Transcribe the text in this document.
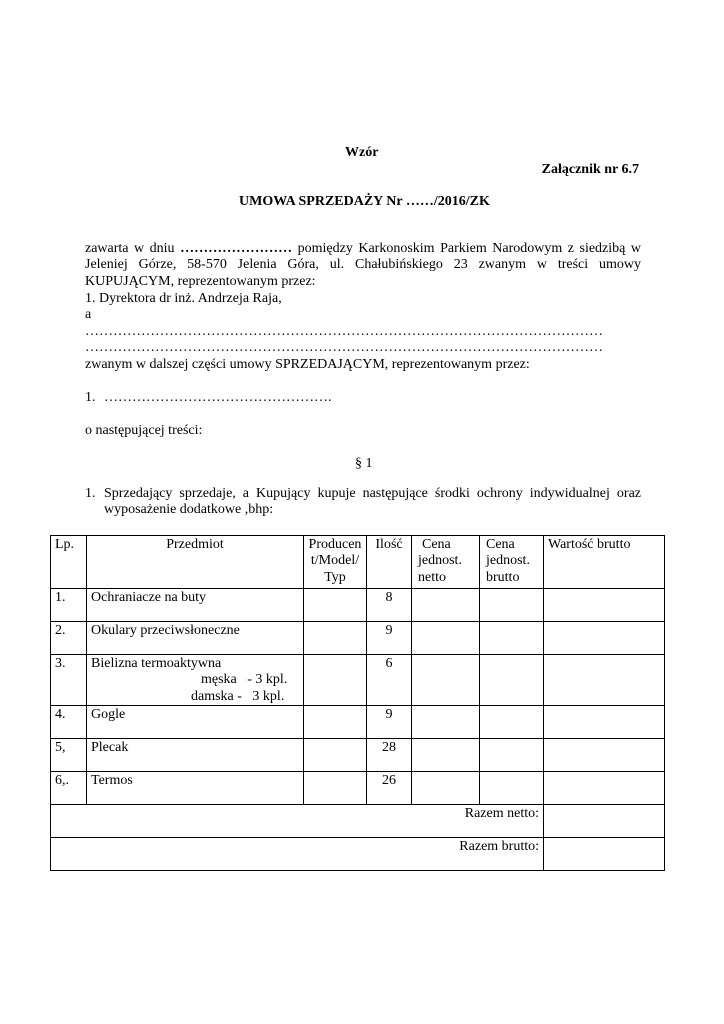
Wzór
Załącznik nr 6.7
UMOWA SPRZEDAŻY Nr ……/2016/ZK
zawarta w dniu …………………… pomiędzy Karkonoskim Parkiem Narodowym z siedzibą w Jeleniej Górze, 58-570 Jelenia Góra, ul. Chałubińskiego 23 zwanym w treści umowy KUPUJĄCYM, reprezentowanym przez:
1. Dyrektora dr inż. Andrzeja Raja,
a
…………………………………………………………………………………………………
…………………………………………………………………………………………………
zwanym w dalszej części umowy SPRZEDAJĄCYM, reprezentowanym przez:
1. ………………………………………….
o następującej treści:
§ 1
1. Sprzedający sprzedaje, a Kupujący kupuje następujące środki ochrony indywidualnej oraz wyposażenie dodatkowe ,bhp:
Lp.	Przedmiot	Producen
t/Model/
Typ	Ilość	Cena
jednost.
netto	Cena
jednost.
brutto	Wartość brutto
1.	Ochraniacze na buty		8			
2.	Okulary przeciwsłoneczne		9			
3.	Bielizna termoaktywna
męska   - 3 kpl.
damska -   3 kpl.		6			
4.	Gogle		9			
5,	Plecak		28			
6,.	Termos		26			
Razem netto:						
Razem brutto:						
